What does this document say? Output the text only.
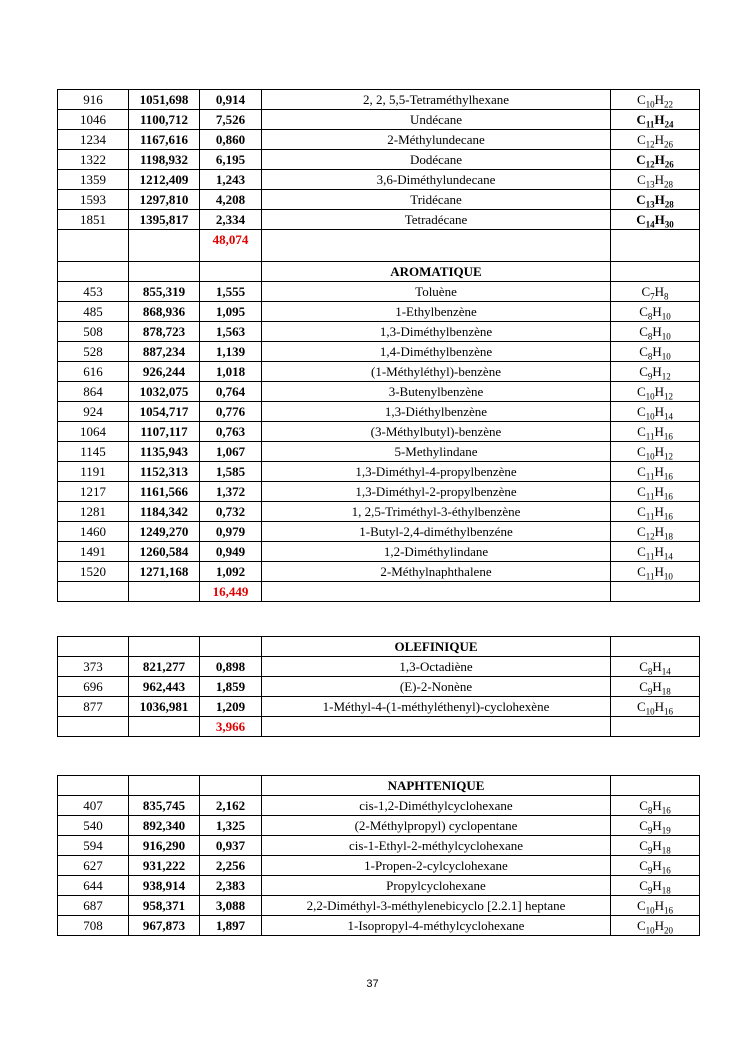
916	1051,698	0,914	2, 2, 5,5-Tetraméthylhexane	$C_{10}H_{22}$
1046	1100,712	7,526	Undécane	$C_{11}H_{24}$
1234	1167,616	0,860	2-Méthylundecane	$C_{12}H_{26}$
1322	1198,932	6,195	Dodécane	$C_{12}H_{26}$
1359	1212,409	1,243	3,6-Diméthylundecane	$C_{13}H_{28}$
1593	1297,810	4,208	Tridécane	$C_{13}H_{28}$
1851	1395,817	2,334	Tetradécane	$C_{14}H_{30}$
		48,074		
			AROMATIQUE	
453	855,319	1,555	Toluène	$C_7H_8$
485	868,936	1,095	1-Ethylbenzène	$C_8H_{10}$
508	878,723	1,563	1,3-Diméthylbenzène	$C_8H_{10}$
528	887,234	1,139	1,4-Diméthylbenzène	$C_8H_{10}$
616	926,244	1,018	(1-Méthyléthyl)-benzène	$C_9H_{12}$
864	1032,075	0,764	3-Butenylbenzène	$C_{10}H_{12}$
924	1054,717	0,776	1,3-Diéthylbenzène	$C_{10}H_{14}$
1064	1107,117	0,763	(3-Méthylbutyl)-benzène	$C_{11}H_{16}$
1145	1135,943	1,067	5-Methylindane	$C_{10}H_{12}$
1191	1152,313	1,585	1,3-Diméthyl-4-propylbenzène	$C_{11}H_{16}$
1217	1161,566	1,372	1,3-Diméthyl-2-propylbenzène	$C_{11}H_{16}$
1281	1184,342	0,732	1, 2,5-Triméthyl-3-éthylbenzène	$C_{11}H_{16}$
1460	1249,270	0,979	1-Butyl-2,4-diméthylbenzéne	$C_{12}H_{18}$
1491	1260,584	0,949	1,2-Diméthylindane	$C_{11}H_{14}$
1520	1271,168	1,092	2-Méthylnaphthalene	$C_{11}H_{10}$
		16,449		
			OLEFINIQUE	
373	821,277	0,898	1,3-Octadiène	$C_8H_{14}$
696	962,443	1,859	(E)-2-Nonène	$C_9H_{18}$
877	1036,981	1,209	1-Méthyl-4-(1-méthyléthenyl)-cyclohexène	$C_{10}H_{16}$
		3,966		
			NAPHTENIQUE	
407	835,745	2,162	cis-1,2-Diméthylcyclohexane	$C_8H_{16}$
540	892,340	1,325	(2-Méthylpropyl) cyclopentane	$C_9H_{19}$
594	916,290	0,937	cis-1-Ethyl-2-méthylcyclohexane	$C_9H_{18}$
627	931,222	2,256	1-Propen-2-cylcyclohexane	$C_9H_{16}$
644	938,914	2,383	Propylcyclohexane	$C_9H_{18}$
687	958,371	3,088	2,2-Diméthyl-3-méthylenebicyclo [2.2.1] heptane	$C_{10}H_{16}$
708	967,873	1,897	1-Isopropyl-4-méthylcyclohexane	$C_{10}H_{20}$
37
